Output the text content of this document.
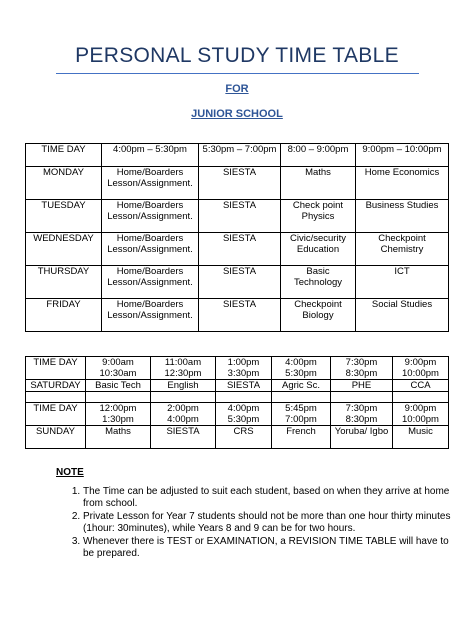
PERSONAL STUDY TIME TABLE
FOR
JUNIOR SCHOOL
TIME DAY	4:00pm – 5:30pm	5:30pm – 7:00pm	8:00 – 9:00pm	9:00pm – 10:00pm
MONDAY	Home/Boarders Lesson/Assignment.	SIESTA	Maths	Home Economics
TUESDAY	Home/Boarders Lesson/Assignment.	SIESTA	Check point Physics	Business Studies
WEDNESDAY	Home/Boarders Lesson/Assignment.	SIESTA	Civic/security Education	Checkpoint Chemistry
THURSDAY	Home/Boarders Lesson/Assignment.	SIESTA	Basic Technology	ICT
FRIDAY	Home/Boarders Lesson/Assignment.	SIESTA	Checkpoint Biology	Social Studies
TIME DAY	9:00am 10:30am	11:00am 12:30pm	1:00pm 3:30pm	4:00pm 5:30pm	7:30pm 8:30pm	9:00pm 10:00pm
SATURDAY	Basic Tech	English	SIESTA	Agric Sc.	PHE	CCA

TIME DAY	12:00pm 1:30pm	2:00pm 4:00pm	4:00pm 5:30pm	5:45pm 7:00pm	7:30pm 8:30pm	9:00pm 10:00pm
SUNDAY	Maths	SIESTA	CRS	French	Yoruba/ Igbo	Music
NOTE
1. The Time can be adjusted to suit each student, based on when they arrive at home from school.
2. Private Lesson for Year 7 students should not be more than one hour thirty minutes (1hour: 30minutes), while Years 8 and 9 can be for two hours.
3. Whenever there is TEST or EXAMINATION, a REVISION TIME TABLE will have to be prepared.
